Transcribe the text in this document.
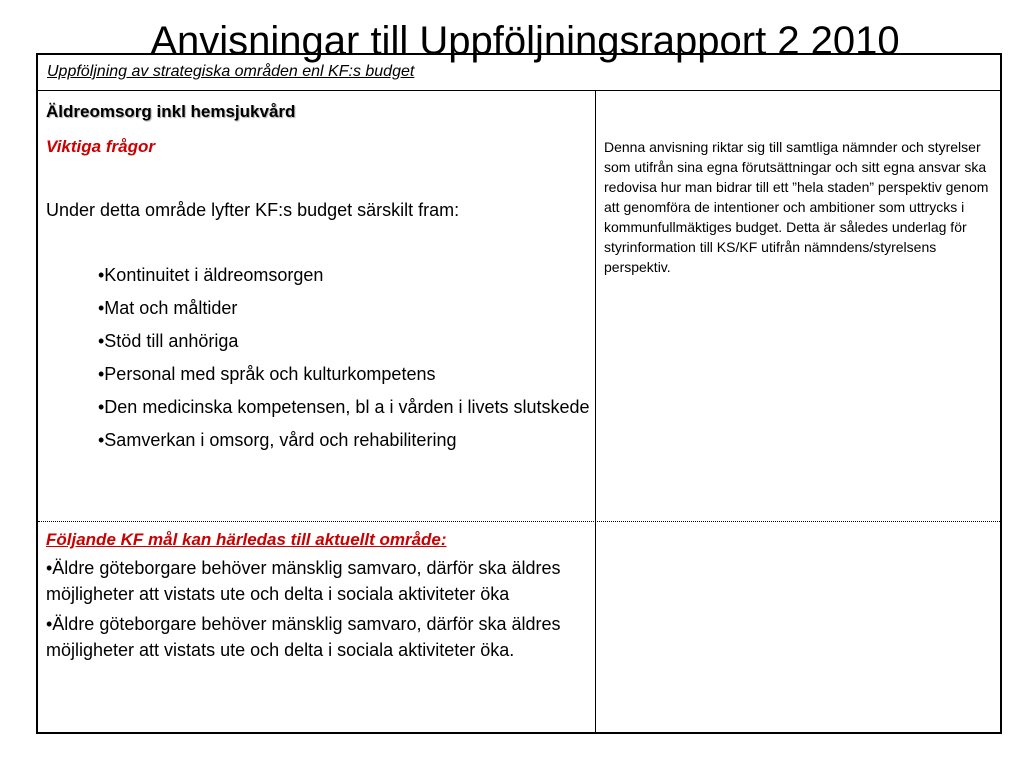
Anvisningar till Uppföljningsrapport 2 2010
Uppföljning av strategiska områden enl KF:s budget
Äldreomsorg inkl hemsjukvård
Viktiga frågor
Under detta område lyfter KF:s budget särskilt fram:
•Kontinuitet i äldreomsorgen
•Mat och måltider
•Stöd till anhöriga
•Personal med språk och kulturkompetens
•Den medicinska kompetensen, bl a i vården i livets slutskede
•Samverkan i omsorg, vård och rehabilitering
Denna anvisning riktar sig till samtliga nämnder och styrelser som utifrån sina egna förutsättningar och sitt egna ansvar ska redovisa hur man bidrar till ett ”hela staden” perspektiv genom att genomföra de intentioner och ambitioner som uttrycks i kommunfullmäktiges budget. Detta är således underlag för styrinformation till KS/KF utifrån nämndens/styrelsens perspektiv.
Följande KF mål kan härledas till aktuellt område:
•Äldre göteborgare behöver mänsklig samvaro, därför ska äldres möjligheter att vistats ute och delta i sociala aktiviteter öka
•Äldre göteborgare behöver mänsklig samvaro, därför ska äldres möjligheter att vistats ute och delta i sociala aktiviteter öka.
